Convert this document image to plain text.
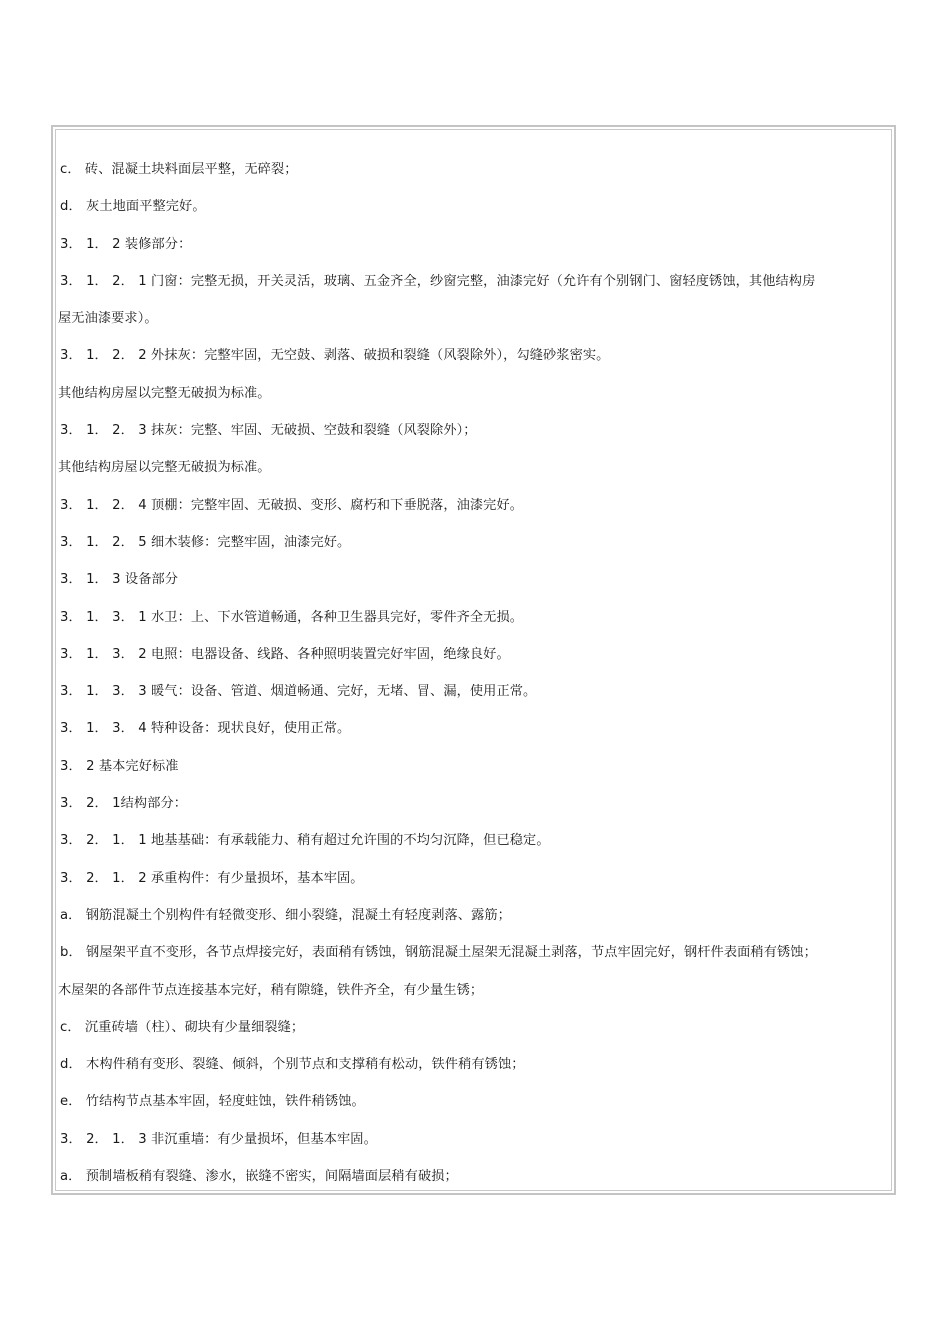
c． 砖、混凝土块料面层平整，无碎裂；
d． 灰土地面平整完好。
3． 1． 2 装修部分：
3． 1． 2． 1 门窗：完整无损，开关灵活，玻璃、五金齐全，纱窗完整，油漆完好（允许有个别钢门、窗轻度锈蚀，其他结构房
屋无油漆要求）。
3． 1． 2． 2 外抹灰：完整牢固，无空鼓、剥落、破损和裂缝（风裂除外），勾缝砂浆密实。
其他结构房屋以完整无破损为标准。
3． 1． 2． 3 抹灰：完整、牢固、无破损、空鼓和裂缝（风裂除外）；
其他结构房屋以完整无破损为标准。
3． 1． 2． 4 顶棚：完整牢固、无破损、变形、腐朽和下垂脱落，油漆完好。
3． 1． 2． 5 细木装修：完整牢固，油漆完好。
3． 1． 3 设备部分
3． 1． 3． 1 水卫：上、下水管道畅通，各种卫生器具完好，零件齐全无损。
3． 1． 3． 2 电照：电器设备、线路、各种照明装置完好牢固，绝缘良好。
3． 1． 3． 3 暖气：设备、管道、烟道畅通、完好，无堵、冒、漏，使用正常。
3． 1． 3． 4 特种设备：现状良好，使用正常。
3． 2 基本完好标准
3． 2． 1结构部分：
3． 2． 1． 1 地基基础：有承载能力、稍有超过允许围的不均匀沉降，但已稳定。
3． 2． 1． 2 承重构件：有少量损坏，基本牢固。
a． 钢筋混凝土个别构件有轻微变形、细小裂缝，混凝土有轻度剥落、露筋；
b． 钢屋架平直不变形，各节点焊接完好，表面稍有锈蚀，钢筋混凝土屋架无混凝土剥落，节点牢固完好，钢杆件表面稍有锈蚀；
木屋架的各部件节点连接基本完好，稍有隙缝，铁件齐全，有少量生锈；
c． 沉重砖墙（柱）、砌块有少量细裂缝；
d． 木构件稍有变形、裂缝、倾斜，个别节点和支撑稍有松动，铁件稍有锈蚀；
e． 竹结构节点基本牢固，轻度蛀蚀，铁件稍锈蚀。
3． 2． 1． 3 非沉重墙：有少量损坏，但基本牢固。
a． 预制墙板稍有裂缝、渗水，嵌缝不密实，间隔墙面层稍有破损；
